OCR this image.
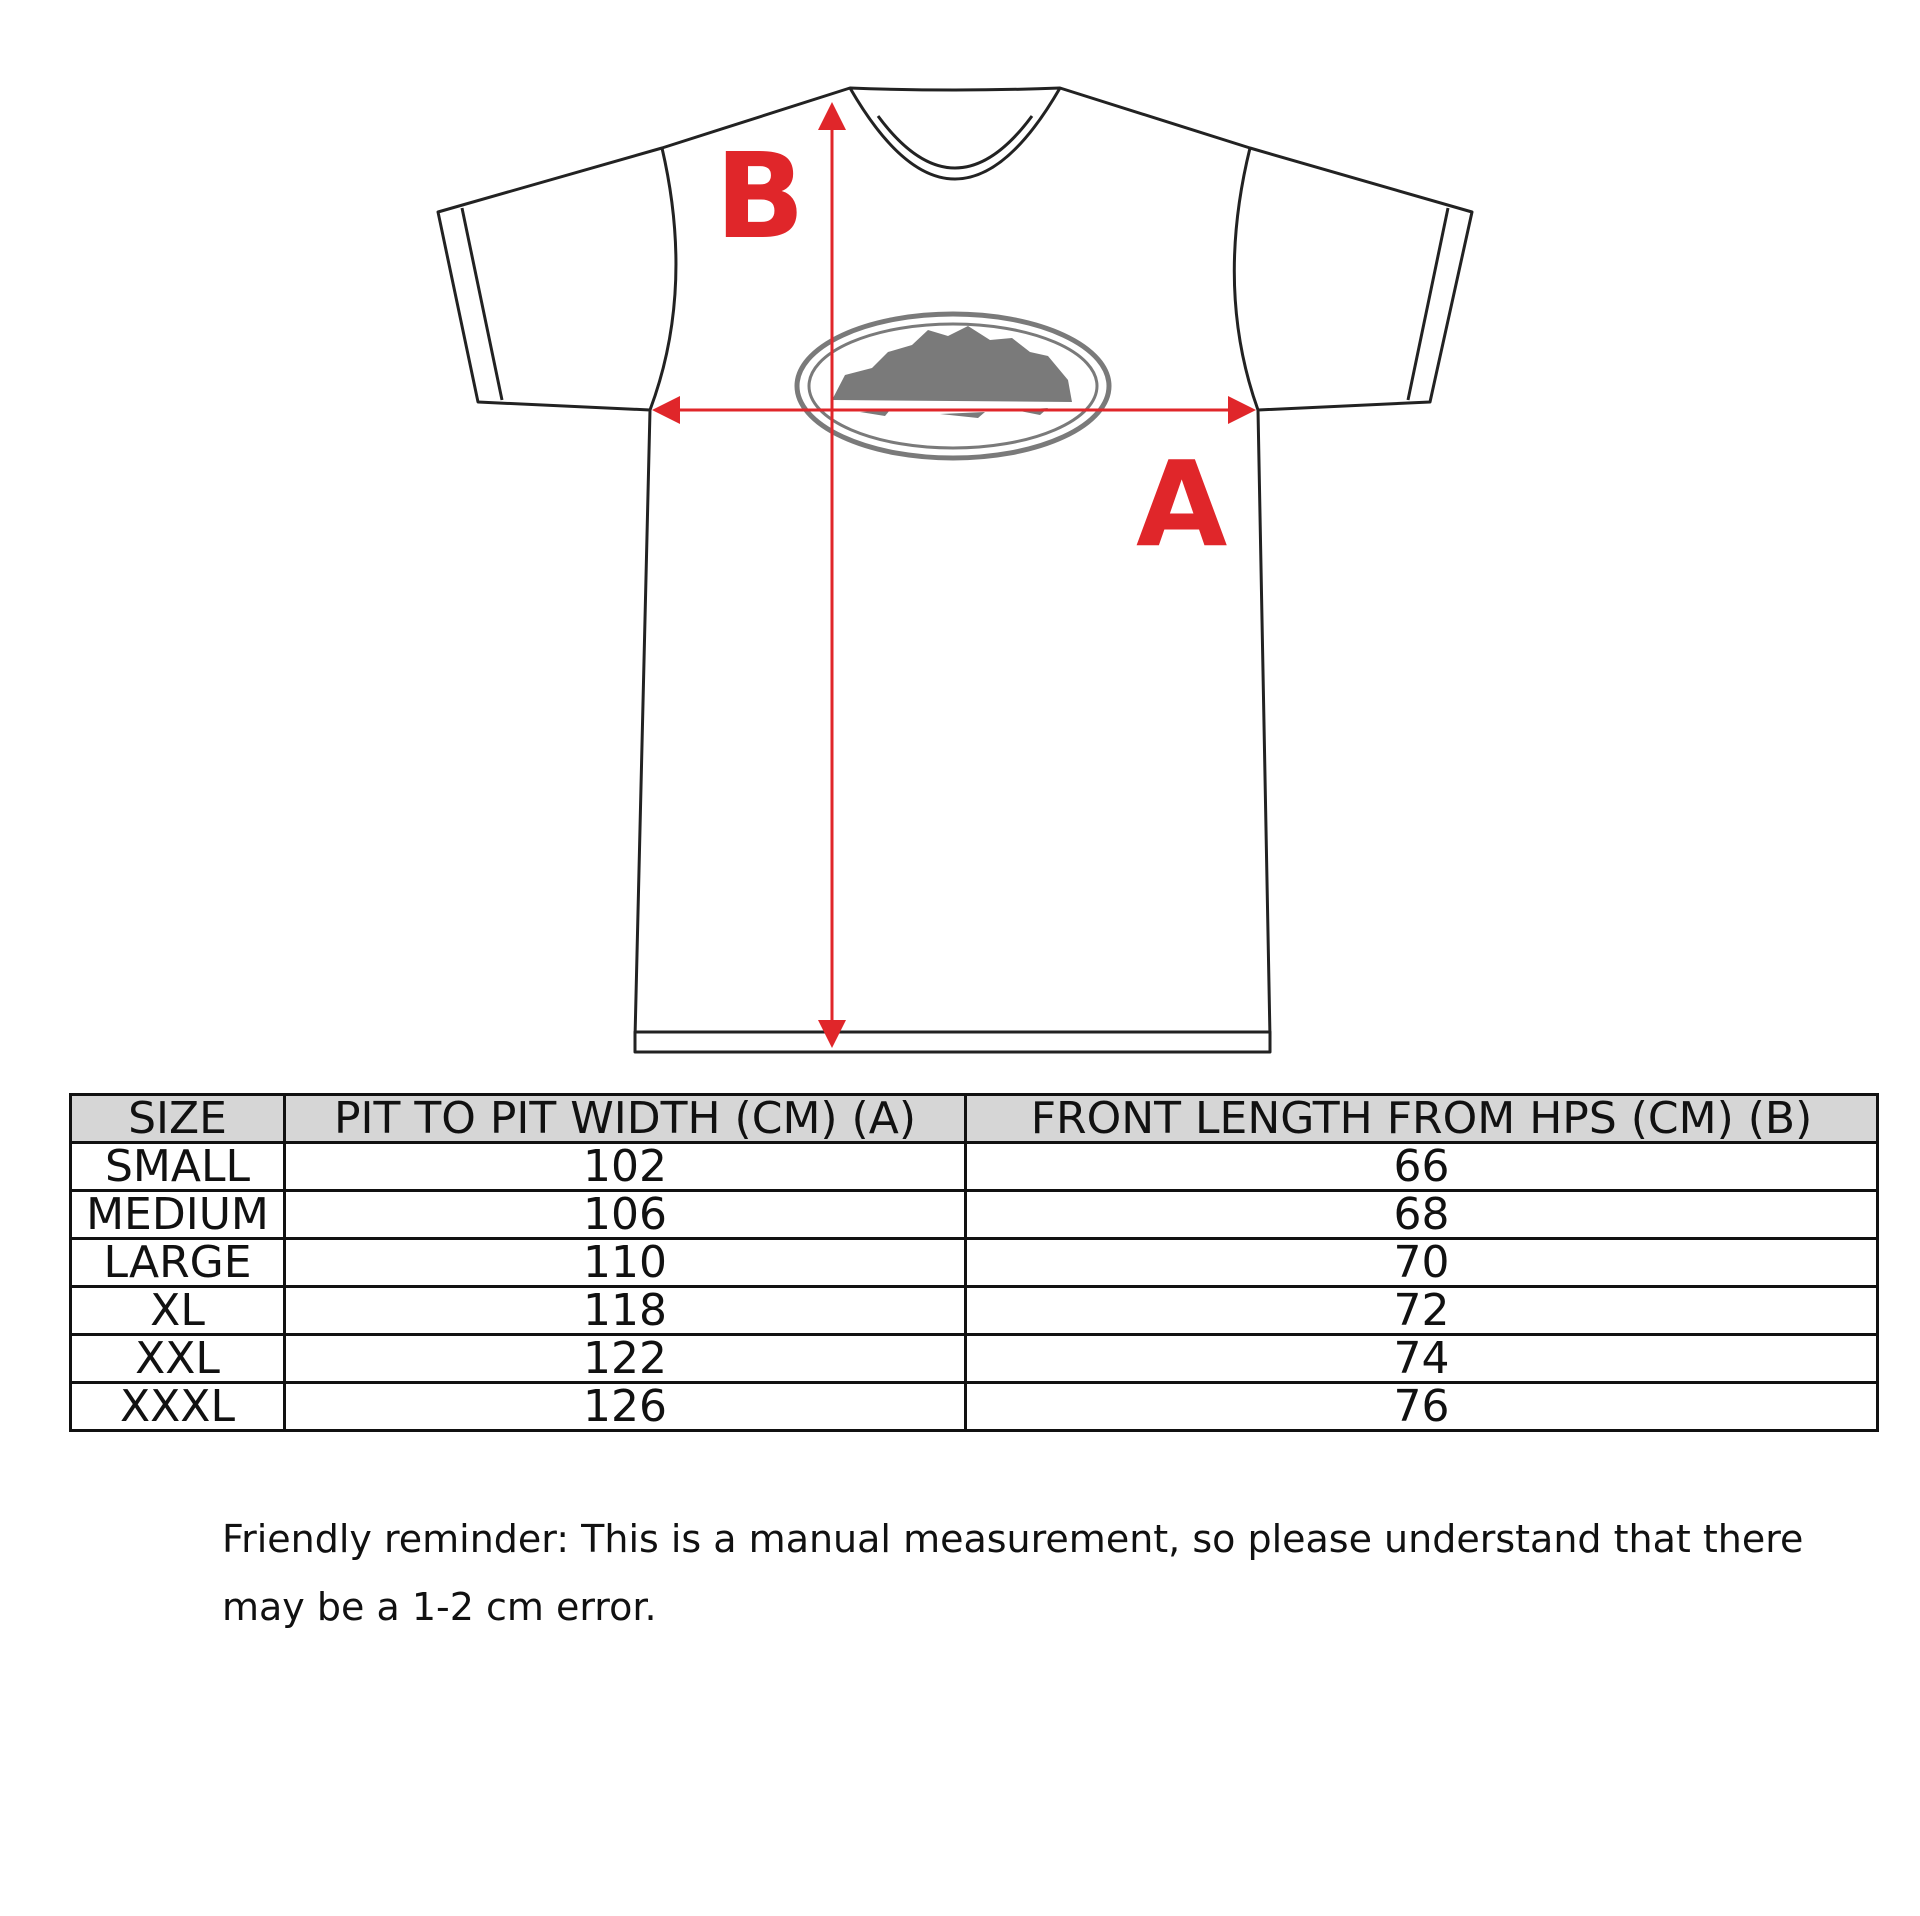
B
A
SIZE	PIT TO PIT WIDTH (CM) (A)	FRONT LENGTH FROM HPS (CM) (B)
SMALL	102	66
MEDIUM	106	68
LARGE	110	70
XL	118	72
XXL	122	74
XXXL	126	76

Friendly reminder: This is a manual measurement, so please understand that there may be a 1-2 cm error.
